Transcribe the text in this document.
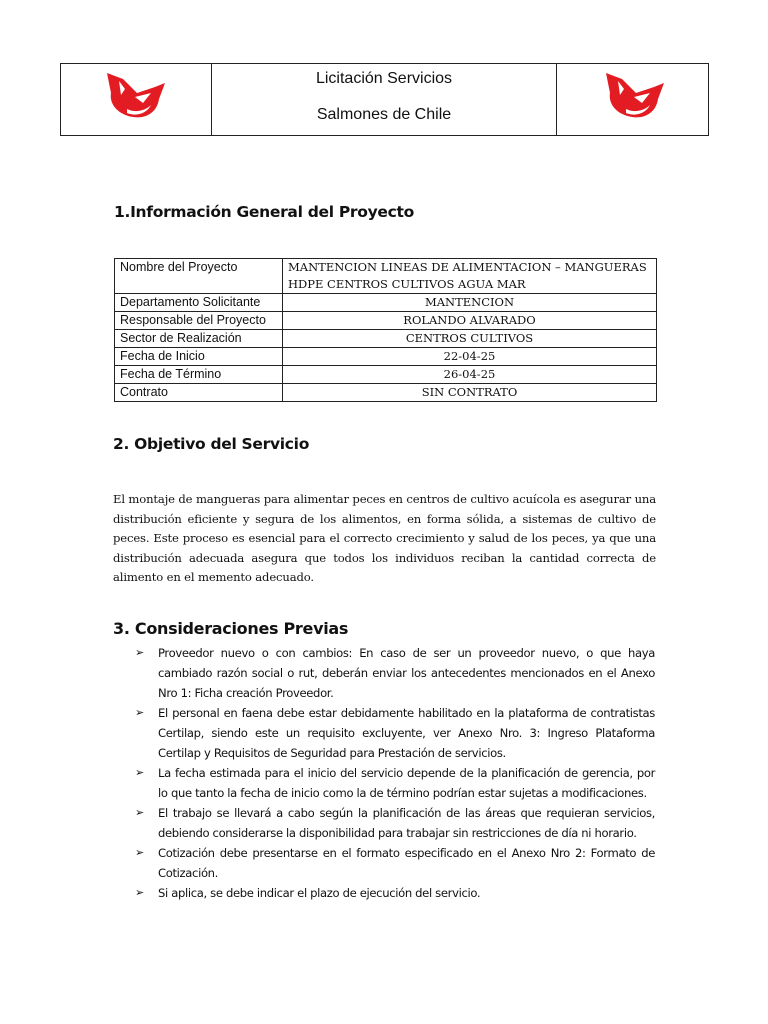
Licitación Servicios
Salmones de Chile
1.Información General del Proyecto
Nombre del Proyecto	MANTENCION LINEAS DE ALIMENTACION – MANGUERAS HDPE CENTROS CULTIVOS AGUA MAR
Departamento Solicitante	MANTENCION
Responsable del Proyecto	ROLANDO ALVARADO
Sector de Realización	CENTROS CULTIVOS
Fecha de Inicio	22-04-25
Fecha de Término	26-04-25
Contrato	SIN CONTRATO
2. Objetivo del Servicio

El montaje de mangueras para alimentar peces en centros de cultivo acuícola es asegurar una distribución eficiente y segura de los alimentos, en forma sólida, a sistemas de cultivo de peces. Este proceso es esencial para el correcto crecimiento y salud de los peces, ya que una distribución adecuada asegura que todos los individuos reciban la cantidad correcta de alimento en el memento adecuado.

3. Consideraciones Previas
➢ Proveedor nuevo o con cambios: En caso de ser un proveedor nuevo, o que haya cambiado razón social o rut, deberán enviar los antecedentes mencionados en el Anexo Nro 1: Ficha creación Proveedor.
➢ El personal en faena debe estar debidamente habilitado en la plataforma de contratistas Certilap, siendo este un requisito excluyente, ver Anexo Nro. 3: Ingreso Plataforma Certilap y Requisitos de Seguridad para Prestación de servicios.
➢ La fecha estimada para el inicio del servicio depende de la planificación de gerencia, por lo que tanto la fecha de inicio como la de término podrían estar sujetas a modificaciones.
➢ El trabajo se llevará a cabo según la planificación de las áreas que requieran servicios, debiendo considerarse la disponibilidad para trabajar sin restricciones de día ni horario.
➢ Cotización debe presentarse en el formato especificado en el Anexo Nro 2: Formato de Cotización.
➢ Si aplica, se debe indicar el plazo de ejecución del servicio.
